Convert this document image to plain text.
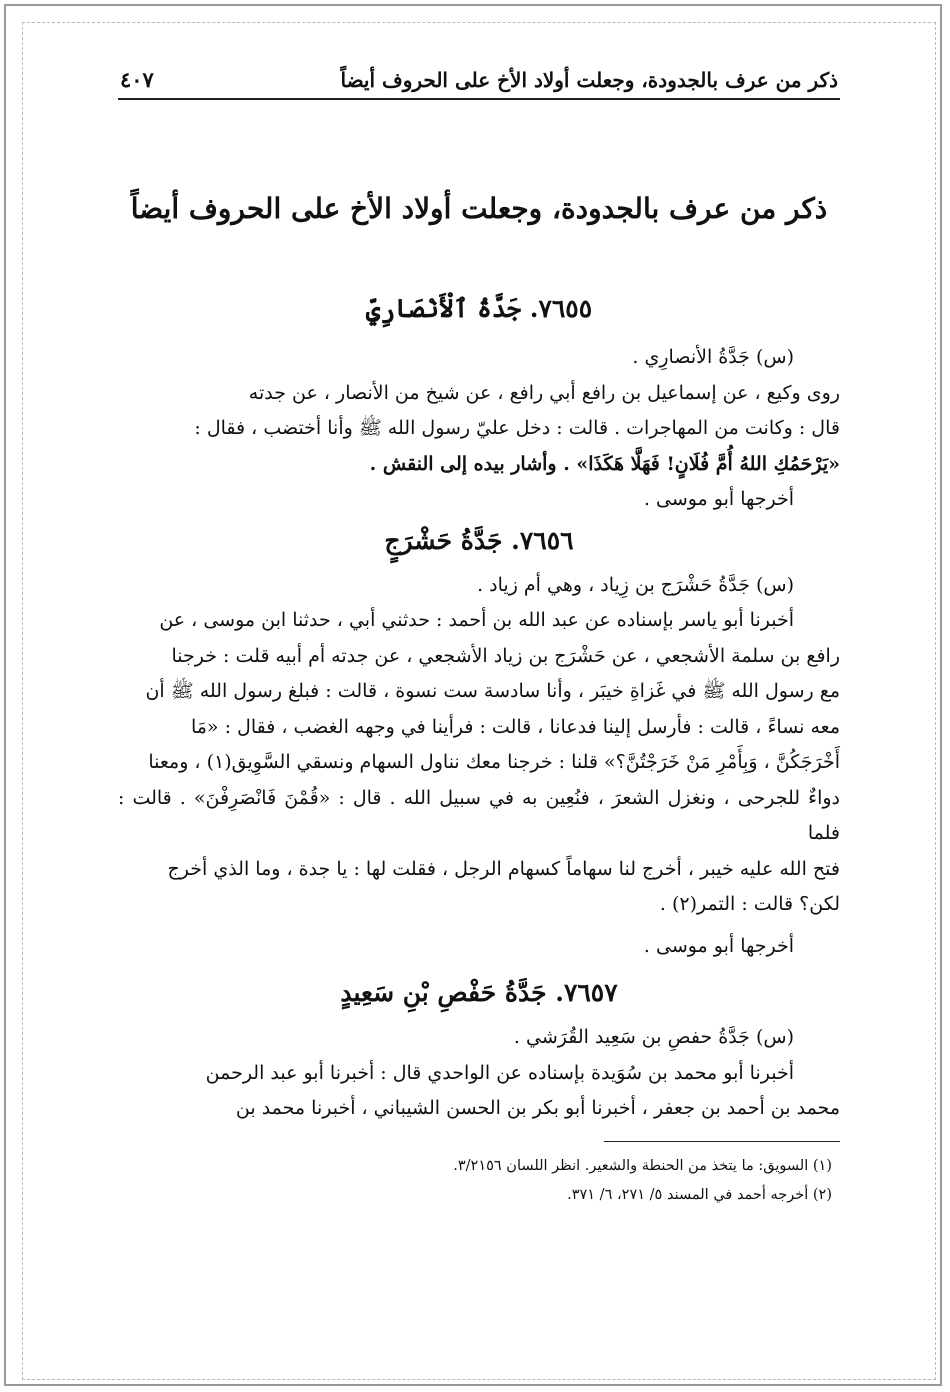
ذكر من عرف بالجدودة، وجعلت أولاد الأخ على الحروف أيضاً
٤٠٧
ذكر من عرف بالجدودة، وجعلت أولاد الأخ على الحروف أيضاً
٧٦٥٥. جَدَّةُ ٱلْأَنْصَارِيِّ

(س) جَدَّةُ الأنصارِي .

روى وكيع ، عن إسماعيل بن رافع أبي رافع ، عن شيخ من الأنصار ، عن جدته

قال : وكانت من المهاجرات . قالت : دخل عليّ رسول الله ﷺ وأنا أختضب ، فقال :

«يَرْحَمُكِ اللهُ أُمَّ فُلَانٍ! فَهَلَّا هَكَذَا» . وأشار بيده إلى النقش .

أخرجها أبو موسى .

٧٦٥٦. جَدَّةُ حَشْرَجٍ

(س) جَدَّةُ حَشْرَج بن زِياد ، وهي أم زياد .

أخبرنا أبو ياسر بإسناده عن عبد الله بن أحمد : حدثني أبي ، حدثنا ابن موسى ، عن

رافع بن سلمة الأشجعي ، عن حَشْرَج بن زياد الأشجعي ، عن جدته أم أبيه قلت : خرجنا

مع رسول الله ﷺ في غَزاةِ خيبَر ، وأنا سادسة ست نسوة ، قالت : فبلغ رسول الله ﷺ أن

معه نساءً ، قالت : فأرسل إلينا فدعانا ، قالت : فرأينا في وجهه الغضب ، فقال : «مَا

أَخْرَجَكُنَّ ، وَبِأَمْرِ مَنْ خَرَجْتُنَّ؟» قلنا : خرجنا معك نناول السهام ونسقي السَّوِيق(١) ، ومعنا

دواءٌ للجرحى ، ونغزل الشعرَ ، فنُعِين به في سبيل الله . قال : «قُمْنَ فَانْصَرِفْنَ» . قالت : فلما

فتح الله عليه خيبر ، أخرج لنا سهاماً كسهام الرجل ، فقلت لها : يا جدة ، وما الذي أخرج

لكن؟ قالت : التمر(٢) .

أخرجها أبو موسى .

٧٦٥٧. جَدَّةُ حَفْصِ بْنِ سَعِيدٍ

(س) جَدَّةُ حفصِ بن سَعِيد القُرَشي .

أخبرنا أبو محمد بن سُوَيدة بإسناده عن الواحدي قال : أخبرنا أبو عبد الرحمن

محمد بن أحمد بن جعفر ، أخبرنا أبو بكر بن الحسن الشيباني ، أخبرنا محمد بن

(١) السويق: ما يتخذ من الحنطة والشعير. انظر اللسان ٣/٢١٥٦.

(٢) أخرجه أحمد في المسند ٥/ ٢٧١، ٦/ ٣٧١.
